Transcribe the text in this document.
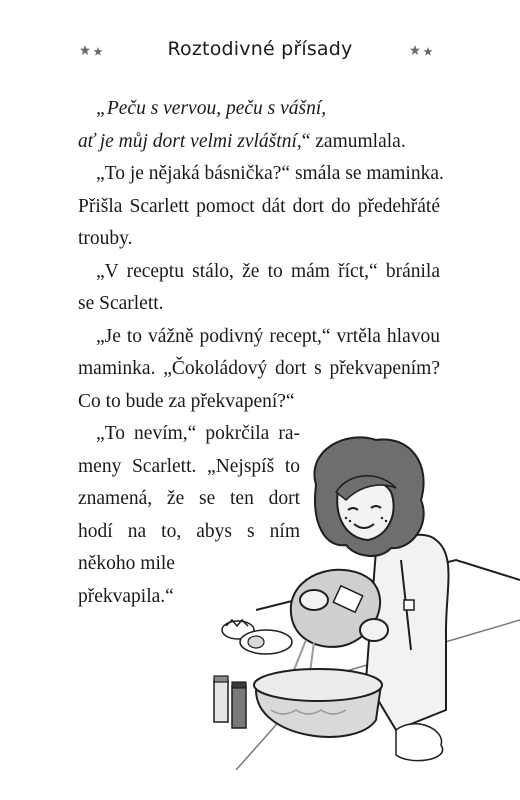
Roztodivné přísady
„Peču s vervou, peču s vášní,
ať je můj dort velmi zvláštní,“ zamumlala.
„To je nějaká básnička?“ smála se maminka.
Přišla Scarlett pomoct dát dort do předehřáté
trouby.
„V receptu stálo, že to mám říct,“ bránila
se Scarlett.
„Je to vážně podivný recept,“ vrtěla hlavou
maminka. „Čokoládový dort s překvapením?
Co to bude za překvapení?“
„To nevím,“ pokrčila ra-
meny Scarlett. „Nejspíš to
znamená, že se ten dort
hodí na to, abys s ním
někoho mile
překvapila.“
